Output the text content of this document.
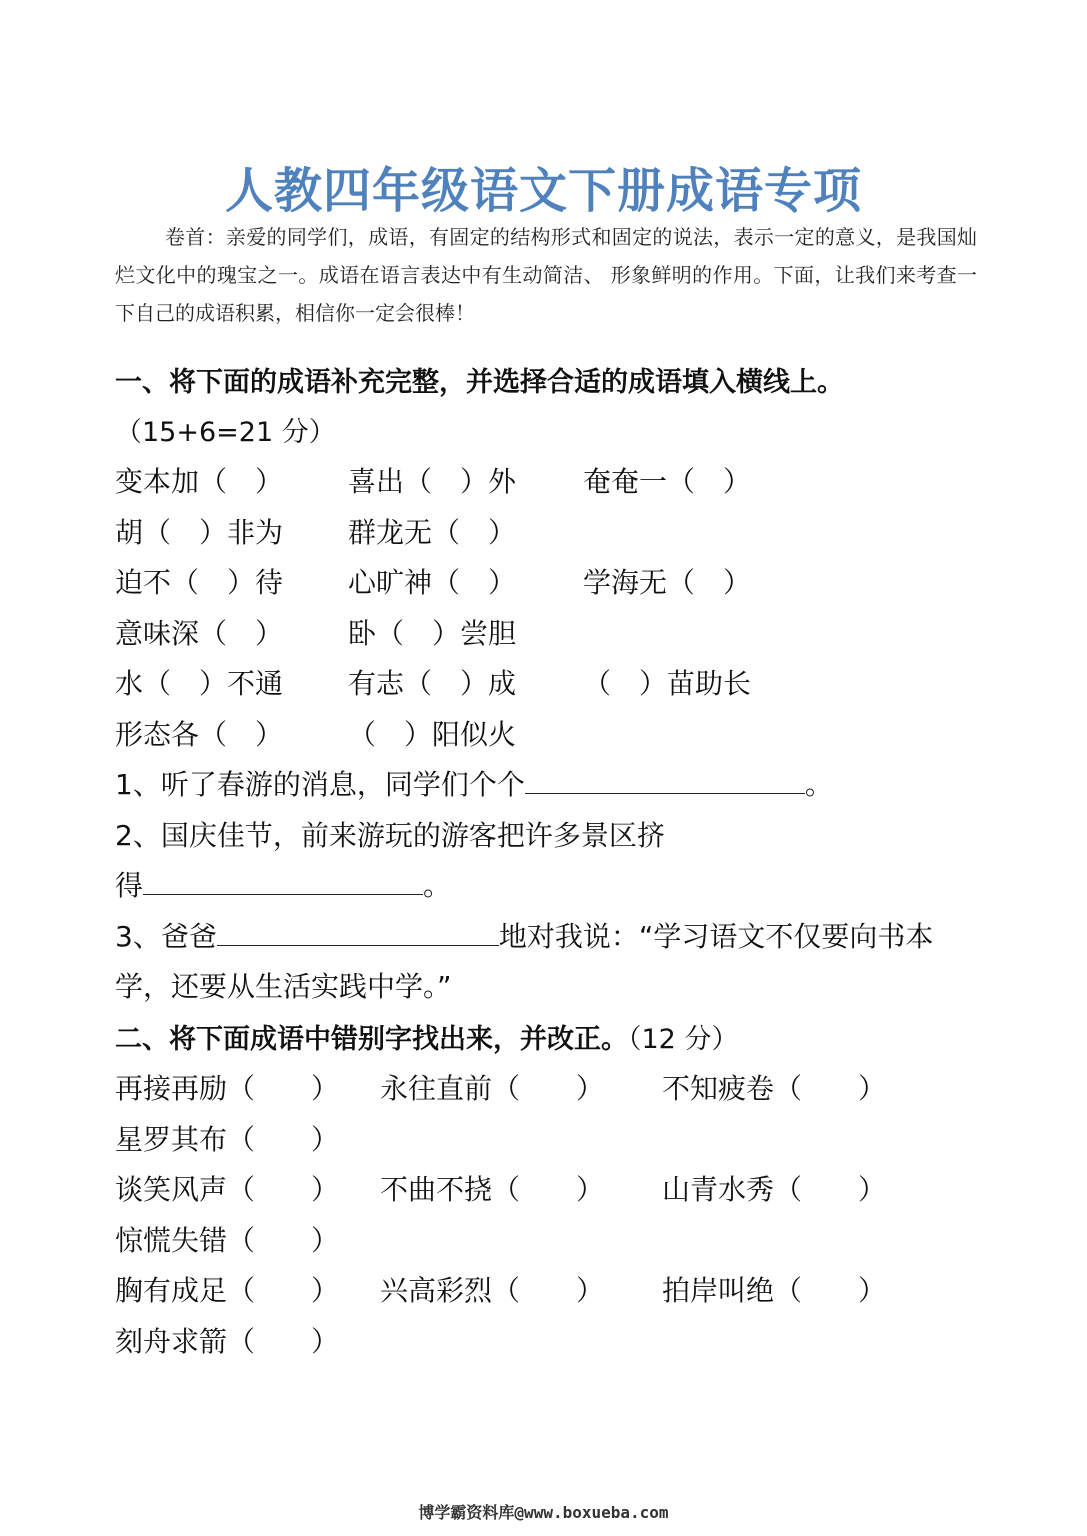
人教四年级语文下册成语专项
卷首：亲爱的同学们，成语，有固定的结构形式和固定的说法，表示一定的意义，是我国灿烂文化中的瑰宝之一。成语在语言表达中有生动简洁、 形象鲜明的作用。下面，让我们来考查一下自己的成语积累，相信你一定会很棒！
一、将下面的成语补充完整，并选择合适的成语填入横线上。
（15+6=21 分）
变本加（　） 喜出（　）外 奄奄一（　）
胡（　）非为 群龙无（　）
迫不（　）待 心旷神（　） 学海无（　）
意味深（　） 卧（　）尝胆
水（　）不通 有志（　）成 （　）苗助长
形态各（　） （　）阳似火
1、听了春游的消息，同学们个个	。
2、国庆佳节，前来游玩的游客把许多景区挤
得	。
3、爸爸	地对我说：“学习语文不仅要向书本
学，还要从生活实践中学。”
二、将下面成语中错别字找出来，并改正。（12 分）
再接再励（　　） 永往直前（　　） 不知疲卷（　　）
星罗其布（　　）
谈笑风声（　　） 不曲不挠（　　） 山青水秀（　　）
惊慌失错（　　）
胸有成足（　　） 兴高彩烈（　　） 拍岸叫绝（　　）
刻舟求箭（　　）
博学霸资料库@www.boxueba.com
